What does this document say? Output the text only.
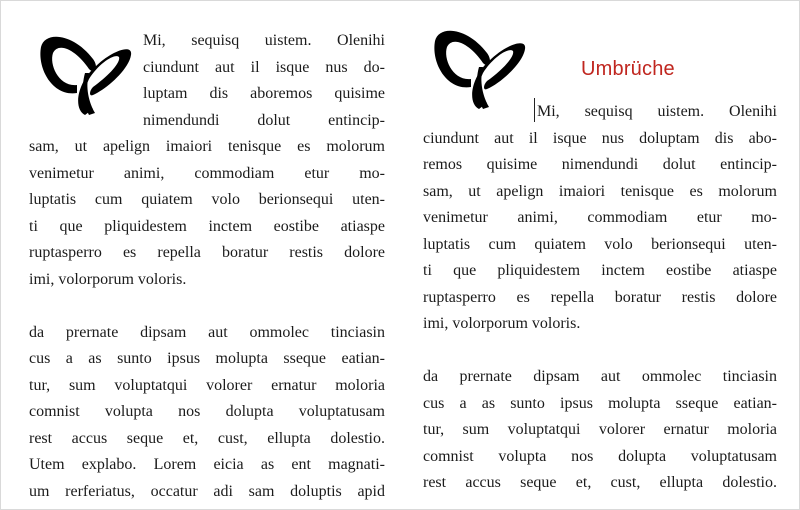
Mi, sequisq uistem. Olenihi
ciundunt aut il isque nus do-
luptam dis aboremos quisime
nimendundi dolut entincip-
sam, ut apelign imaiori tenisque es molorum
venimetur animi, commodiam etur mo-
luptatis cum quiatem volo berionsequi uten-
ti que pliquidestem inctem eostibe atiaspe
ruptasperro es repella boratur restis dolore
imi, volorporum voloris.
da prernate dipsam aut ommolec tinciasin
cus a as sunto ipsus molupta sseque eatian-
tur, sum voluptatqui volorer ernatur moloria
comnist volupta nos dolupta voluptatusam
rest accus seque et, cust, ellupta dolestio.
Utem explabo. Lorem eicia as ent magnati-
um rerferiatus, occatur adi sam doluptis apid
Umbrüche
Mi, sequisq uistem. Olenihi
ciundunt aut il isque nus doluptam dis abo-
remos quisime nimendundi dolut entincip-
sam, ut apelign imaiori tenisque es molorum
venimetur animi, commodiam etur mo-
luptatis cum quiatem volo berionsequi uten-
ti que pliquidestem inctem eostibe atiaspe
ruptasperro es repella boratur restis dolore
imi, volorporum voloris.
da prernate dipsam aut ommolec tinciasin
cus a as sunto ipsus molupta sseque eatian-
tur, sum voluptatqui volorer ernatur moloria
comnist volupta nos dolupta voluptatusam
rest accus seque et, cust, ellupta dolestio.
